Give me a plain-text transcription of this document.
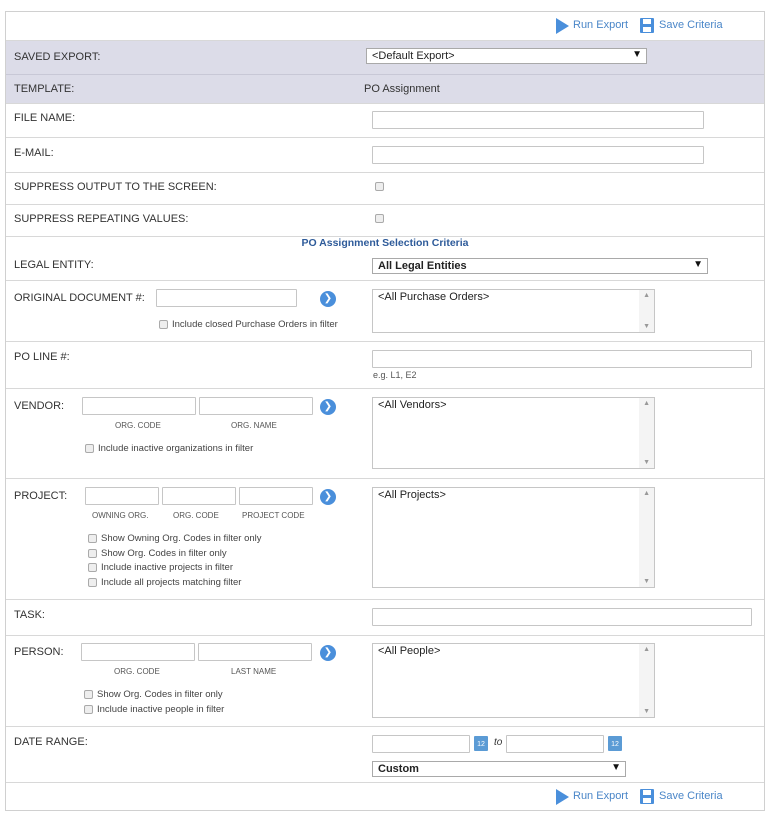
Run Export	Save Criteria
SAVED EXPORT:	<Default Export>	▼
TEMPLATE:	PO Assignment
FILE NAME:
E-MAIL:
SUPPRESS OUTPUT TO THE SCREEN:
SUPPRESS REPEATING VALUES:
PO Assignment Selection Criteria
LEGAL ENTITY:	All Legal Entities	▼
ORIGINAL DOCUMENT #:	❯
Include closed Purchase Orders in filter
<All Purchase Orders>	▲
▼
PO LINE #:
e.g. L1, E2
VENDOR:	❯
ORG. CODE	ORG. NAME
Include inactive organizations in filter
<All Vendors>	▲
▼
PROJECT:	❯
OWNING ORG.	ORG. CODE	PROJECT CODE
Show Owning Org. Codes in filter only
Show Org. Codes in filter only
Include inactive projects in filter
Include all projects matching filter
<All Projects>	▲
▼
TASK:
PERSON:	❯
ORG. CODE	LAST NAME
Show Org. Codes in filter only
Include inactive people in filter
<All People>	▲
▼
DATE RANGE:	12 to	12
Custom	▼
Run Export	Save Criteria
